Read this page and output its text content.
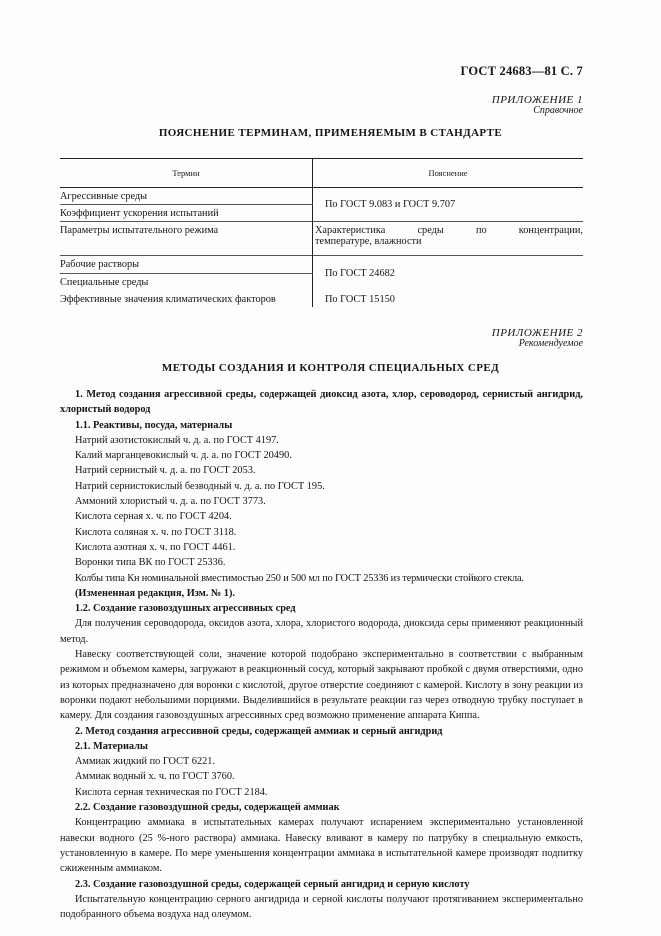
ГОСТ 24683—81 С. 7
ПРИЛОЖЕНИЕ 1
Справочное
ПОЯСНЕНИЕ ТЕРМИНАМ, ПРИМЕНЯЕМЫМ В СТАНДАРТЕ
Термин	Пояснение
Агрессивные среды	По ГОСТ 9.083 и ГОСТ 9.707
Коэффициент ускорения испытаний	
Параметры испытательного режима	Характеристика среды по концентрации,
температуре, влажности

Рабочие растворы	По ГОСТ 24682
Специальные среды	
Эффективные значения климатических факторов	По ГОСТ 15150
ПРИЛОЖЕНИЕ 2
Рекомендуемое
МЕТОДЫ СОЗДАНИЯ И КОНТРОЛЯ СПЕЦИАЛЬНЫХ СРЕД

1. Метод создания агрессивной среды, содержащей диоксид азота, хлор, сероводород, сернистый ангидрид,

хлористый водород

1.1. Реактивы, посуда, материалы

Натрий азотистокислый ч. д. а. по ГОСТ 4197.

Калий марганцевокислый ч. д. а. по ГОСТ 20490.

Натрий сернистый ч. д. а. по ГОСТ 2053.

Натрий сернистокислый безводный ч. д. а. по ГОСТ 195.

Аммоний хлористый ч. д. а. по ГОСТ 3773.

Кислота серная х. ч. по ГОСТ 4204.

Кислота соляная х. ч. по ГОСТ 3118.

Кислота азотная х. ч. по ГОСТ 4461.

Воронки типа ВК по ГОСТ 25336.

Колбы типа Кн номинальной вместимостью 250 и 500 мл по ГОСТ 25336 из термически стойкого стекла.

(Измененная редакция, Изм. № 1).

1.2. Создание газовоздушных агрессивных сред

Для получения сероводорода, оксидов азота, хлора, хлористого водорода, диоксида серы применяют реакционный метод.

Навеску соответствующей соли, значение которой подобрано экспериментально в соответствии с выбранным режимом и объемом камеры, загружают в реакционный сосуд, который закрывают пробкой с двумя отверстиями, одно из которых предназначено для воронки с кислотой, другое отверстие соединяют с камерой. Кислоту в зону реакции из воронки подают небольшими порциями. Выделившийся в результате реакции газ через отводную трубку поступает в камеру. Для создания газовоздушных агрессивных сред возможно применение аппарата Киппа.

2. Метод создания агрессивной среды, содержащей аммиак и серный ангидрид

2.1. Материалы

Аммиак жидкий по ГОСТ 6221.

Аммиак водный х. ч. по ГОСТ 3760.

Кислота серная техническая по ГОСТ 2184.

2.2. Создание газовоздушной среды, содержащей аммиак

Концентрацию аммиака в испытательных камерах получают испарением экспериментально установленной навески водного (25 %-ного раствора) аммиака. Навеску вливают в камеру по патрубку в специальную емкость, установленную в камере. По мере уменьшения концентрации аммиака в испытательной камере производят подпитку сжиженным аммиаком.

2.3. Создание газовоздушной среды, содержащей серный ангидрид и серную кислоту

Испытательную концентрацию серного ангидрида и серной кислоты получают протягиванием экспериментально подобранного объема воздуха над олеумом.
